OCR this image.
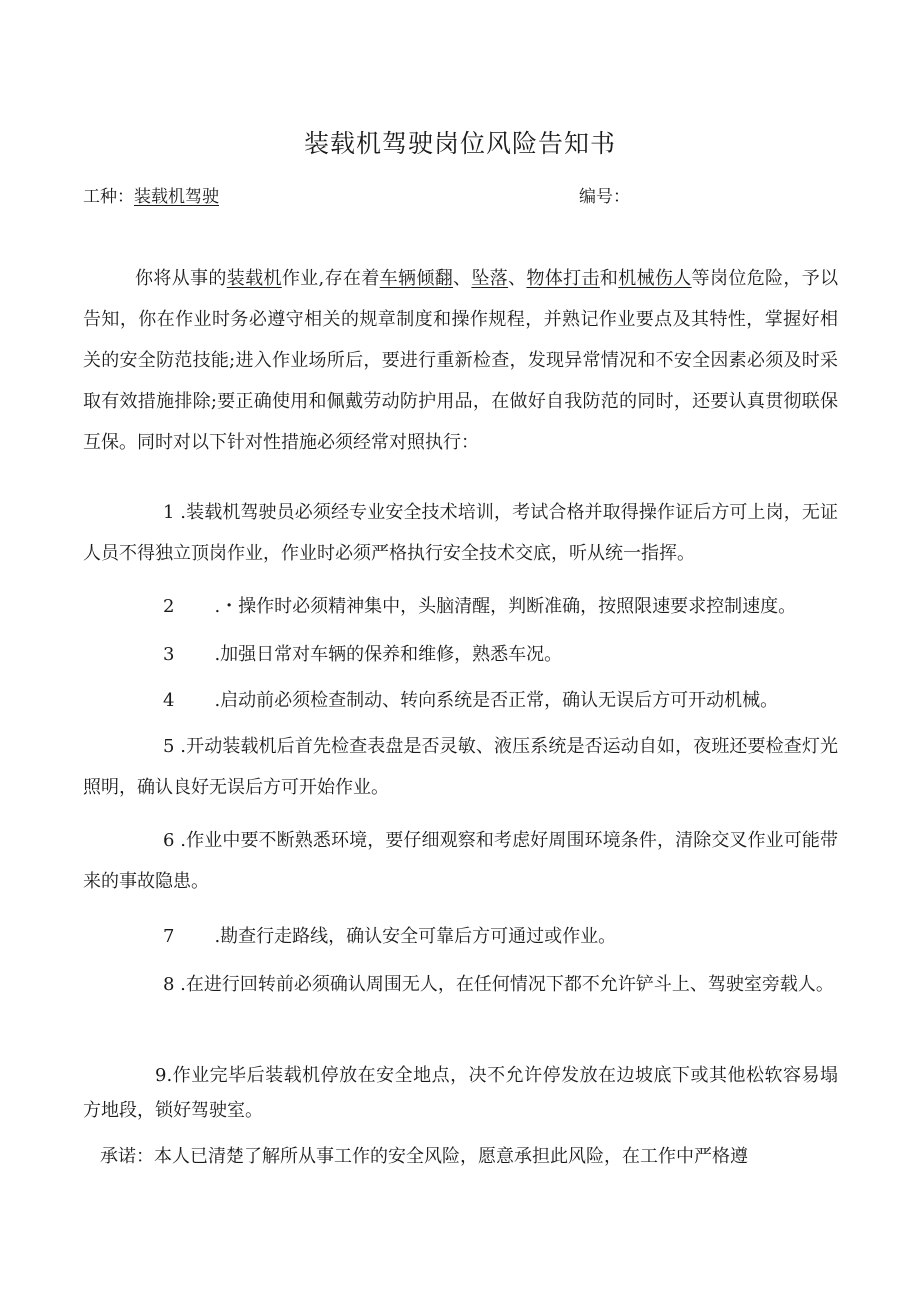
装载机驾驶岗位风险告知书
工种：装载机驾驶	编号：

你将从事的装载机作业,存在着车辆倾翻、坠落、物体打击和机械伤人等岗位危险，予以告知，你在作业时务必遵守相关的规章制度和操作规程，并熟记作业要点及其特性，掌握好相关的安全防范技能;进入作业场所后，要进行重新检查，发现异常情况和不安全因素必须及时采取有效措施排除;要正确使用和佩戴劳动防护用品，在做好自我防范的同时，还要认真贯彻联保互保。同时对以下针对性措施必须经常对照执行：

1 .装载机驾驶员必须经专业安全技术培训，考试合格并取得操作证后方可上岗，无证人员不得独立顶岗作业，作业时必须严格执行安全技术交底，听从统一指挥。

2 .・操作时必须精神集中，头脑清醒，判断准确，按照限速要求控制速度。

3 .加强日常对车辆的保养和维修，熟悉车况。

4 .启动前必须检查制动、转向系统是否正常，确认无误后方可开动机械。

5 .开动装载机后首先检查表盘是否灵敏、液压系统是否运动自如，夜班还要检查灯光照明，确认良好无误后方可开始作业。

6 .作业中要不断熟悉环境，要仔细观察和考虑好周围环境条件，清除交叉作业可能带来的事故隐患。

7 .勘查行走路线，确认安全可靠后方可通过或作业。

8 .在进行回转前必须确认周围无人，在任何情况下都不允许铲斗上、驾驶室旁载人。

9.作业完毕后装载机停放在安全地点，决不允许停发放在边坡底下或其他松软容易塌方地段，锁好驾驶室。

承诺：本人已清楚了解所从事工作的安全风险，愿意承担此风险，在工作中严格遵
